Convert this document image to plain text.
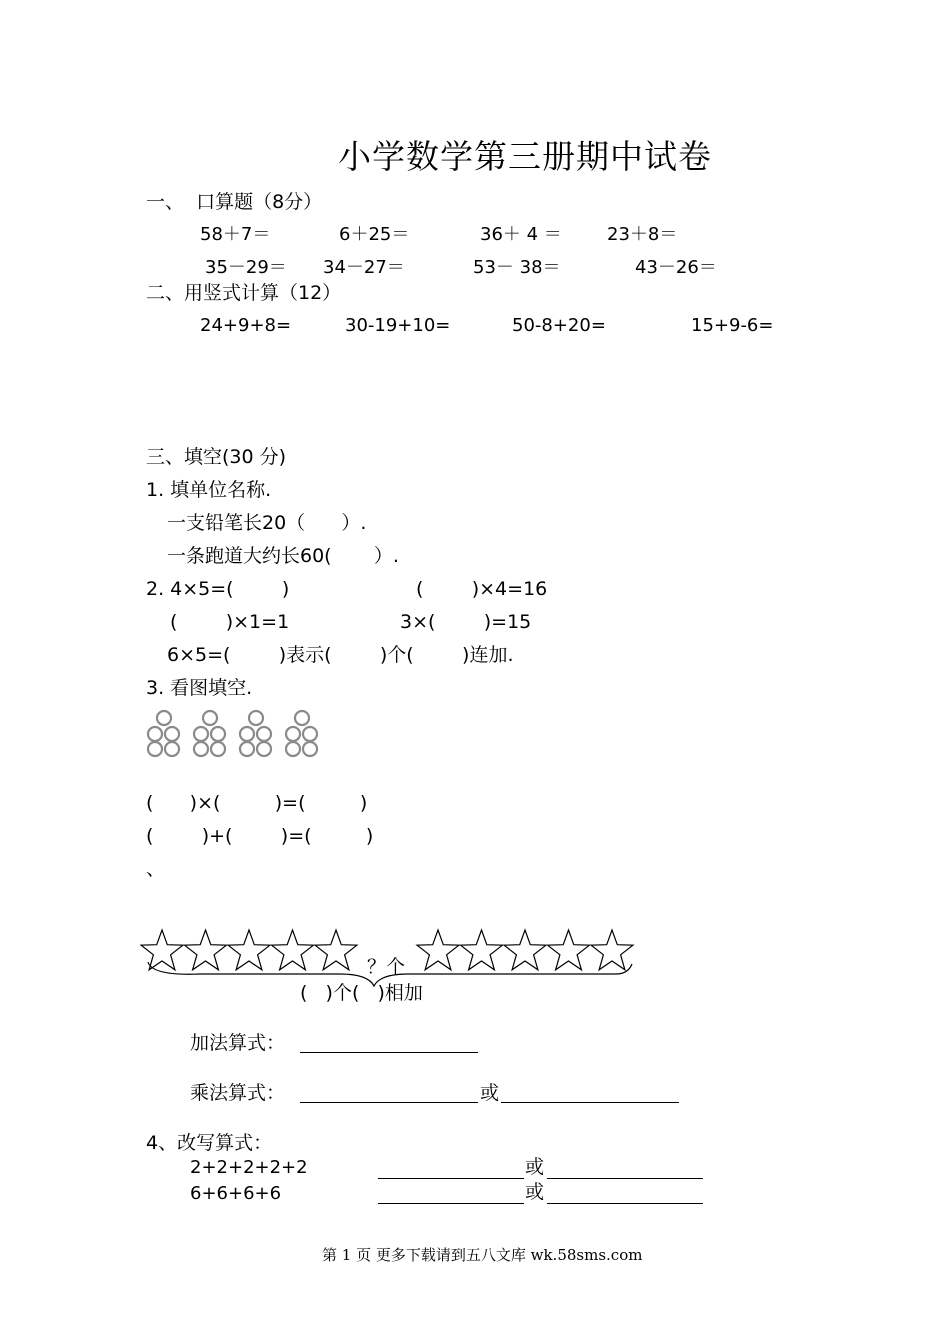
小学数学第三册期中试卷
一、  口算题（8分）
58＋7＝	6＋25＝	36＋ 4 ＝	23＋8＝
35－29＝ 34－27＝	53－ 38＝	43－26＝
二、用竖式计算（12）
24+9+8=	30-19+10=	50-8+20=	15+9-6=
三、填空(30 分)
1. 填单位名称.
一支铅笔长20（      ）.
一条跑道大约长60(       ）.
2. 4×5=(        )	(        )×4=16
(        )×1=1	3×(        )=15
6×5=(        )表示(        )个(        )连加.
3. 看图填空.
(      )×(         )=(         )
(        )+(        )=(         )
、
？个
(   )个(   )相加
加法算式：
乘法算式：	或
4、改写算式：
2+2+2+2+2	或
6+6+6+6	或
第 1 页 更多下载请到五八文库 wk.58sms.com
